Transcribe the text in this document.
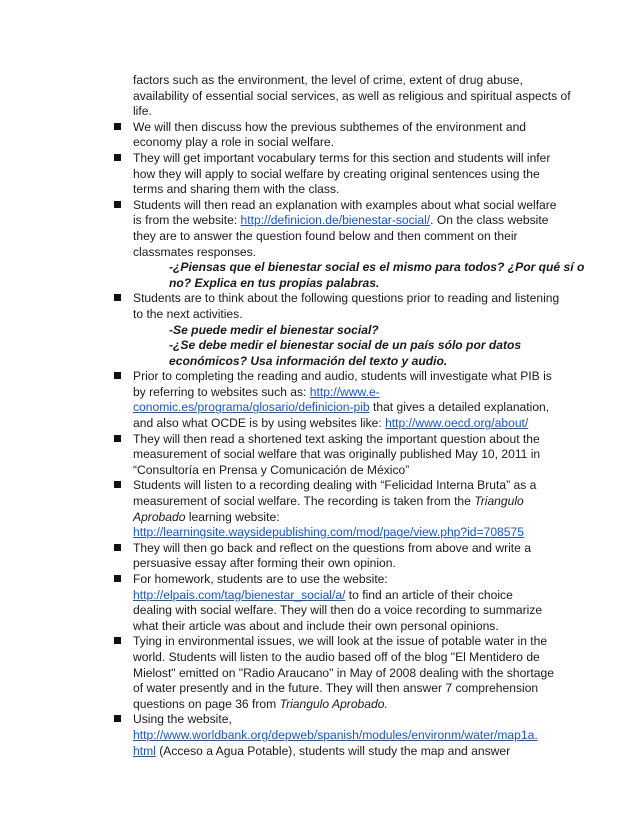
factors such as the environment, the level of crime, extent of drug abuse,
availability of essential social services, as well as religious and spiritual aspects of
life.
We will then discuss how the previous subthemes of the environment and
economy play a role in social welfare.
They will get important vocabulary terms for this section and students will infer
how they will apply to social welfare by creating original sentences using the
terms and sharing them with the class.
Students will then read an explanation with examples about what social welfare
is from the website: http://definicion.de/bienestar-social/. On the class website
they are to answer the question found below and then comment on their
classmates responses.
-¿Piensas que el bienestar social es el mismo para todos? ¿Por qué sí o
no? Explica en tus propias palabras.
Students are to think about the following questions prior to reading and listening
to the next activities.
-Se puede medir el bienestar social?
-¿Se debe medir el bienestar social de un país sólo por datos
económicos? Usa información del texto y audio.
Prior to completing the reading and audio, students will investigate what PIB is
by referring to websites such as: http://www.e-
conomic.es/programa/glosario/definicion-pib that gives a detailed explanation,
and also what OCDE is by using websites like: http://www.oecd.org/about/
They will then read a shortened text asking the important question about the
measurement of social welfare that was originally published May 10, 2011 in
“Consultoría en Prensa y Comunicación de México”
Students will listen to a recording dealing with “Felicidad Interna Bruta” as a
measurement of social welfare. The recording is taken from the Triangulo
Aprobado learning website:
http://learningsite.waysidepublishing.com/mod/page/view.php?id=708575
They will then go back and reflect on the questions from above and write a
persuasive essay after forming their own opinion.
For homework, students are to use the website:
http://elpais.com/tag/bienestar_social/a/ to find an article of their choice
dealing with social welfare. They will then do a voice recording to summarize
what their article was about and include their own personal opinions.
Tying in environmental issues, we will look at the issue of potable water in the
world. Students will listen to the audio based off of the blog "El Mentidero de
Mielost" emitted on "Radio Araucano" in May of 2008 dealing with the shortage
of water presently and in the future. They will then answer 7 comprehension
questions on page 36 from Triangulo Aprobado.
Using the website,
http://www.worldbank.org/depweb/spanish/modules/environm/water/map1a.
html (Acceso a Agua Potable), students will study the map and answer
